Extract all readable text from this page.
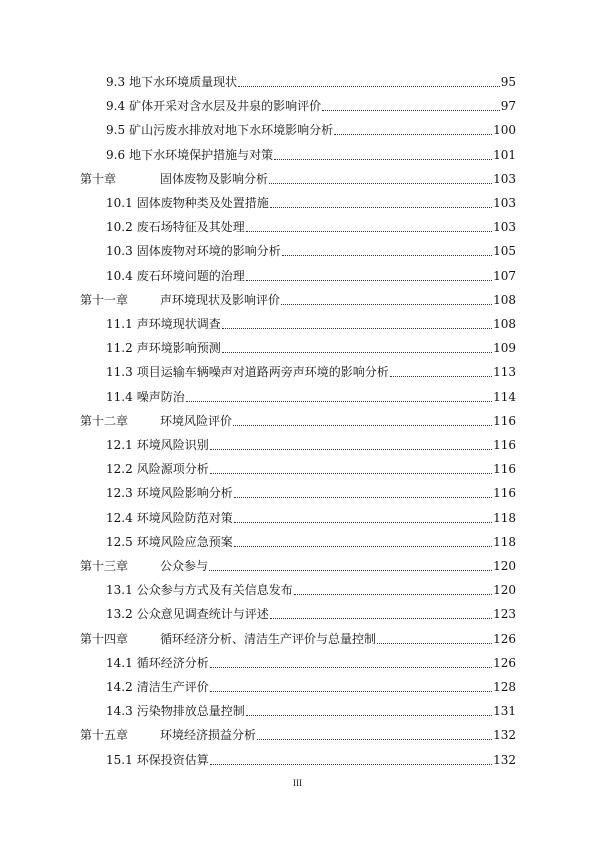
9.3 地下水环境质量现状	95
9.4 矿体开采对含水层及井泉的影响评价	97
9.5 矿山污废水排放对地下水环境影响分析	100
9.6 地下水环境保护措施与对策	101
第十章	固体废物及影响分析	103
10.1 固体废物种类及处置措施	103
10.2 废石场特征及其处理	103
10.3 固体废物对环境的影响分析	105
10.4 废石环境问题的治理	107
第十一章	声环境现状及影响评价	108
11.1 声环境现状调查	108
11.2 声环境影响预测	109
11.3 项目运输车辆噪声对道路两旁声环境的影响分析	113
11.4 噪声防治	114
第十二章	环境风险评价	116
12.1 环境风险识别	116
12.2 风险源项分析	116
12.3 环境风险影响分析	116
12.4 环境风险防范对策	118
12.5 环境风险应急预案	118
第十三章	公众参与	120
13.1 公众参与方式及有关信息发布	120
13.2 公众意见调查统计与评述	123
第十四章	循环经济分析、清洁生产评价与总量控制	126
14.1 循环经济分析	126
14.2 清洁生产评价	128
14.3 污染物排放总量控制	131
第十五章	环境经济损益分析	132
15.1 环保投资估算	132
III
